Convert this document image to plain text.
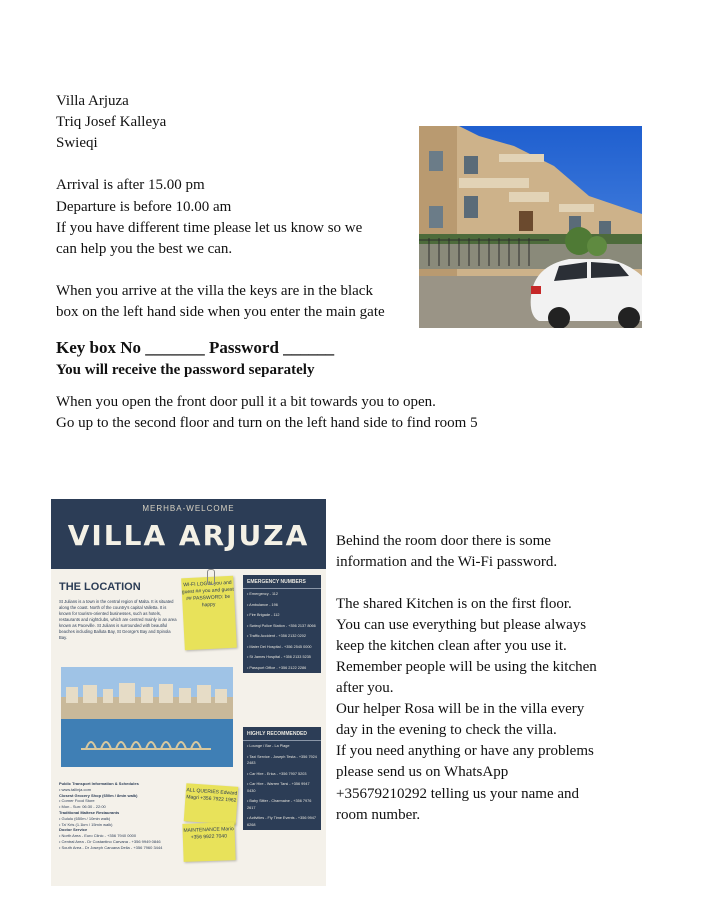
Villa Arjuza
Triq Josef Kalleya
Swieqi
Arrival is after 15.00 pm
Departure is before 10.00 am
If you have different time please let us know so we
can help you the best we can.
When you arrive at the villa the keys are in the black
box on the left hand side when you enter the main gate
Key box No _______ Password ______
You will receive the password separately
When you open the front door pull it a bit towards you to open.
Go up to the second floor and turn on the left hand side to find room 5
MERHBA-WELCOME
VILLA ARJUZA
THE LOCATION
St Julians is a town in the central region of Malta. It is situated along the coast. North of the country's capital Valletta. It is known for tourism-oriented businesses, such as hotels, restaurants and nightclubs, which are centred mainly in an area known as Paceville. St Julians is surrounded with beautiful beaches including Balluta Bay, St George's Bay and Spinola Bay.
WI-FI LOGIN you and guest ## you and guest ## PASSWORD: be happy
EMERGENCY NUMBERS
• Emergency - 112
• Ambulance - 196
• Fire Brigade - 112
• Swieqi Police Station - +356 2137 8066
• Traffic Accident - +356 2132 0202
• Mater Dei Hospital - +356 2545 0000
• St James Hospital - +356 2133 5235
• Passport Office - +356 2122 2286
HIGHLY RECOMMENDED
• Lounge / Bar - La Plage
• Taxi Service - Joseph Testa - +356 7924 2483
• Car Hire - Erica - +356 7907 5203
• Car Hire - Warren Tarsi - +356 9947 0430
• Baby Sitter - Charmaine - +356 7976 2617
• Activities - Fly Time Events - +356 9947 6268
Public Transport Information & Schedules
• www.tallinja.com
Closest Grocery Shop (650m / 8min walk)
• Corner Food Store
• Mon - Sun: 06:30 - 22:00
Traditional Maltese Restaurants
• Gululu (650m / 10min walk)
• Ta' Kris (1.1km / 15min walk)
Doctor Service
• North Area - Euro Clinic - +356 7940 0000
• Central Area - Dr Costantino Carvana - +356 9949 0846
• South Area - Dr Joseph Caruana Delia - +356 7960 3444
ALL QUERIES Edward Magri +356 7922 1962
MAINTENANCE Mario +356 9922 7040
Behind the room door there is some
information and the Wi-Fi password.
The shared Kitchen is on the first floor.
You can use everything but please always
keep the kitchen clean after you use it.
Remember people will be using the kitchen
after you.
Our helper Rosa will be in the villa every
day in the evening to check the villa.
If you need anything or have any problems
please send us on WhatsApp
+35679210292 telling us your name and
room number.
